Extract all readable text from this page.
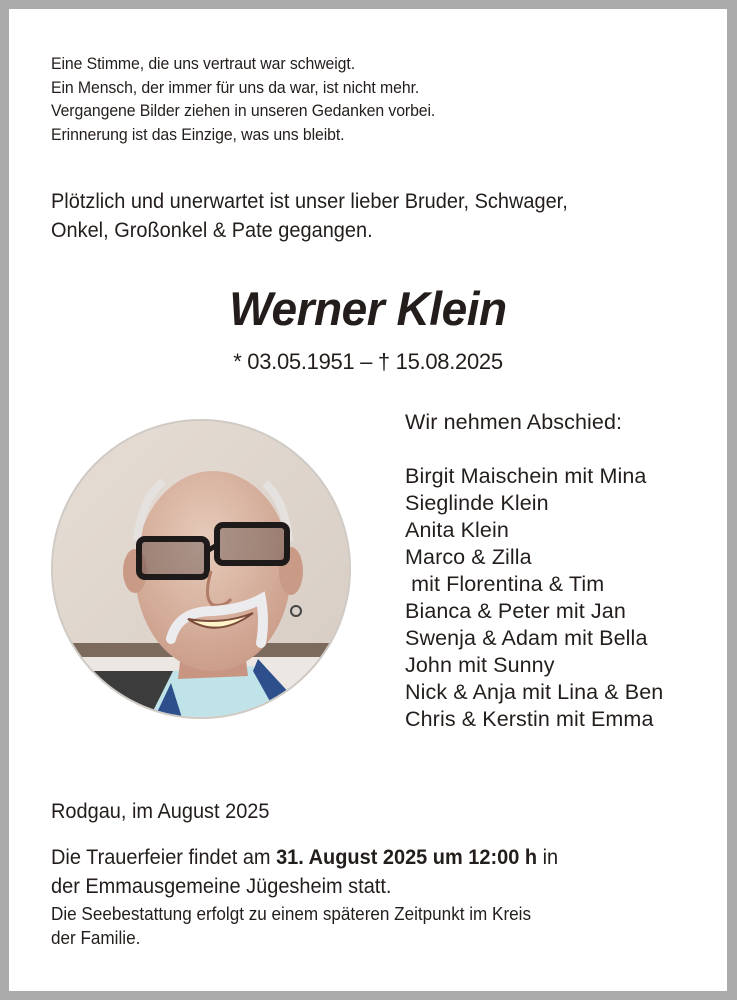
Eine Stimme, die uns vertraut war schweigt.
Ein Mensch, der immer für uns da war, ist nicht mehr.
Vergangene Bilder ziehen in unseren Gedanken vorbei.
Erinnerung ist das Einzige, was uns bleibt.
Plötzlich und unerwartet ist unser lieber Bruder, Schwager,
Onkel, Großonkel & Pate gegangen.
Werner Klein
* 03.05.1951 – † 15.08.2025
Wir nehmen Abschied:
Birgit Maischein mit Mina
Sieglinde Klein
Anita Klein
Marco & Zilla
mit Florentina & Tim
Bianca & Peter mit Jan
Swenja & Adam mit Bella
John mit Sunny
Nick & Anja mit Lina & Ben
Chris & Kerstin mit Emma
Rodgau, im August 2025
Die Trauerfeier findet am 31. August 2025 um 12:00 h in
der Emmausgemeine Jügesheim statt.
Die Seebestattung erfolgt zu einem späteren Zeitpunkt im Kreis
der Familie.
